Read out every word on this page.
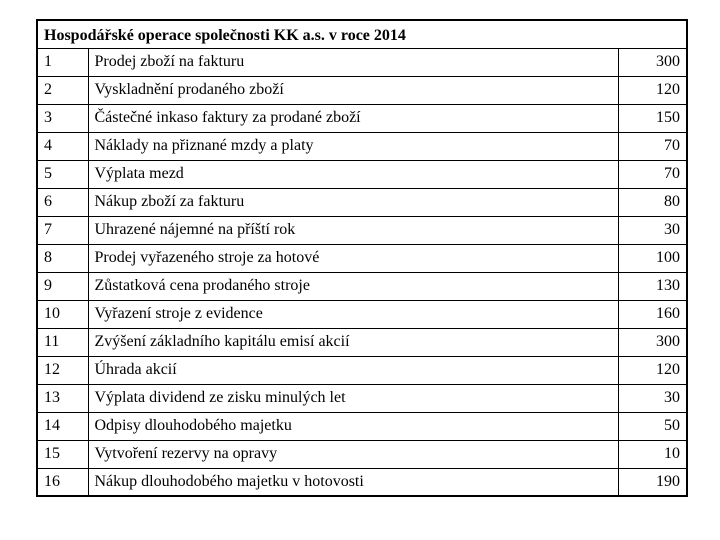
Hospodářské operace společnosti KK a.s. v roce 2014		
1	Prodej zboží na fakturu	300
2	Vyskladnění prodaného zboží	120
3	Částečné inkaso faktury za prodané zboží	150
4	Náklady na přiznané mzdy a platy	70
5	Výplata mezd	70
6	Nákup zboží za fakturu	80
7	Uhrazené nájemné na příští rok	30
8	Prodej vyřazeného stroje za hotové	100
9	Zůstatková cena prodaného stroje	130
10	Vyřazení stroje z evidence	160
11	Zvýšení základního kapitálu emisí akcií	300
12	Úhrada akcií	120
13	Výplata dividend ze zisku minulých let	30
14	Odpisy dlouhodobého majetku	50
15	Vytvoření rezervy na opravy	10
16	Nákup dlouhodobého majetku v hotovosti	190
